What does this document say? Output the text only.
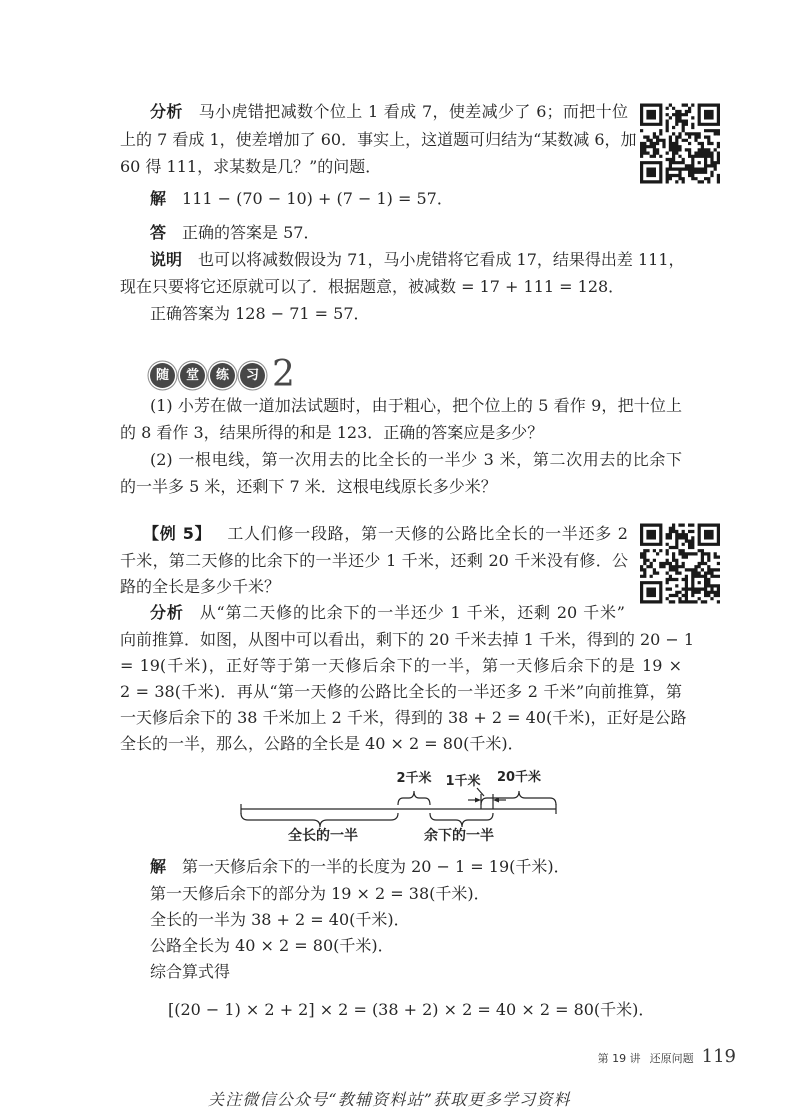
分析 马小虎错把减数个位上 1 看成 7，使差减少了 6；而把十位
上的 7 看成 1，使差增加了 60．事实上，这道题可归结为“某数减 6，加
60 得 111，求某数是几？”的问题．
解 111 − (70 − 10) + (7 − 1) = 57．
答 正确的答案是 57．
说明 也可以将减数假设为 71，马小虎错将它看成 17，结果得出差 111，
现在只要将它还原就可以了．根据题意，被减数 = 17 + 111 = 128．
正确答案为 128 − 71 = 57．
随	堂	练	习 2
(1) 小芳在做一道加法试题时，由于粗心，把个位上的 5 看作 9，把十位上
的 8 看作 3，结果所得的和是 123．正确的答案应是多少？
(2) 一根电线，第一次用去的比全长的一半少 3 米，第二次用去的比余下
的一半多 5 米，还剩下 7 米．这根电线原长多少米？
【例 5】 工人们修一段路，第一天修的公路比全长的一半还多 2
千米，第二天修的比余下的一半还少 1 千米，还剩 20 千米没有修．公
路的全长是多少千米？
分析 从“第二天修的比余下的一半还少 1 千米，还剩 20 千米”
向前推算．如图，从图中可以看出，剩下的 20 千米去掉 1 千米，得到的 20 − 1
= 19(千米)，正好等于第一天修后余下的一半，第一天修后余下的是 19 ×
2 = 38(千米)．再从“第一天修的公路比全长的一半还多 2 千米”向前推算，第
一天修后余下的 38 千米加上 2 千米，得到的 38 + 2 = 40(千米)，正好是公路
全长的一半，那么，公路的全长是 40 × 2 = 80(千米)．
2千米 1千米 20千米
全长的一半	余下的一半
解 第一天修后余下的一半的长度为 20 − 1 = 19(千米)．
第一天修后余下的部分为 19 × 2 = 38(千米)．
全长的一半为 38 + 2 = 40(千米)．
公路全长为 40 × 2 = 80(千米)．
综合算式得
[(20 − 1) × 2 + 2] × 2 = (38 + 2) × 2 = 40 × 2 = 80(千米)．
第 19 讲 还原问题 119
关注微信公众号“教辅资料站”获取更多学习资料
